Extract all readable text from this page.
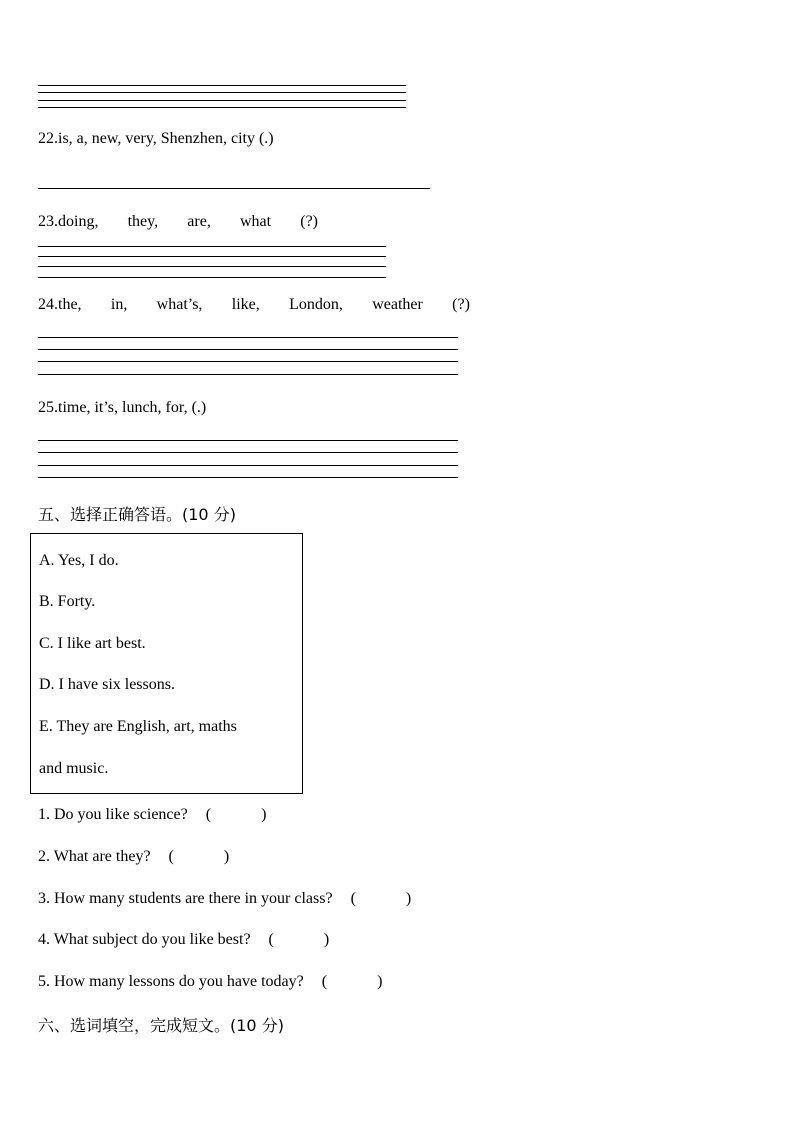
22.is, a, new, very, Shenzhen, city (.)
23.doing, they, are, what (?)
24.the, in, what’s, like, London, weather (?)
25.time, it’s, lunch, for, (.)
五、选择正确答语。(10 分)
A. Yes, I do.
B. Forty.
C. I like art best.
D. I have six lessons.
E. They are English, art, maths
and music.
1. Do you like science? (	)
2. What are they? (	)
3. How many students are there in your class? (	)
4. What subject do you like best? (	)
5. How many lessons do you have today? (	)
六、选词填空，完成短文。(10 分)
